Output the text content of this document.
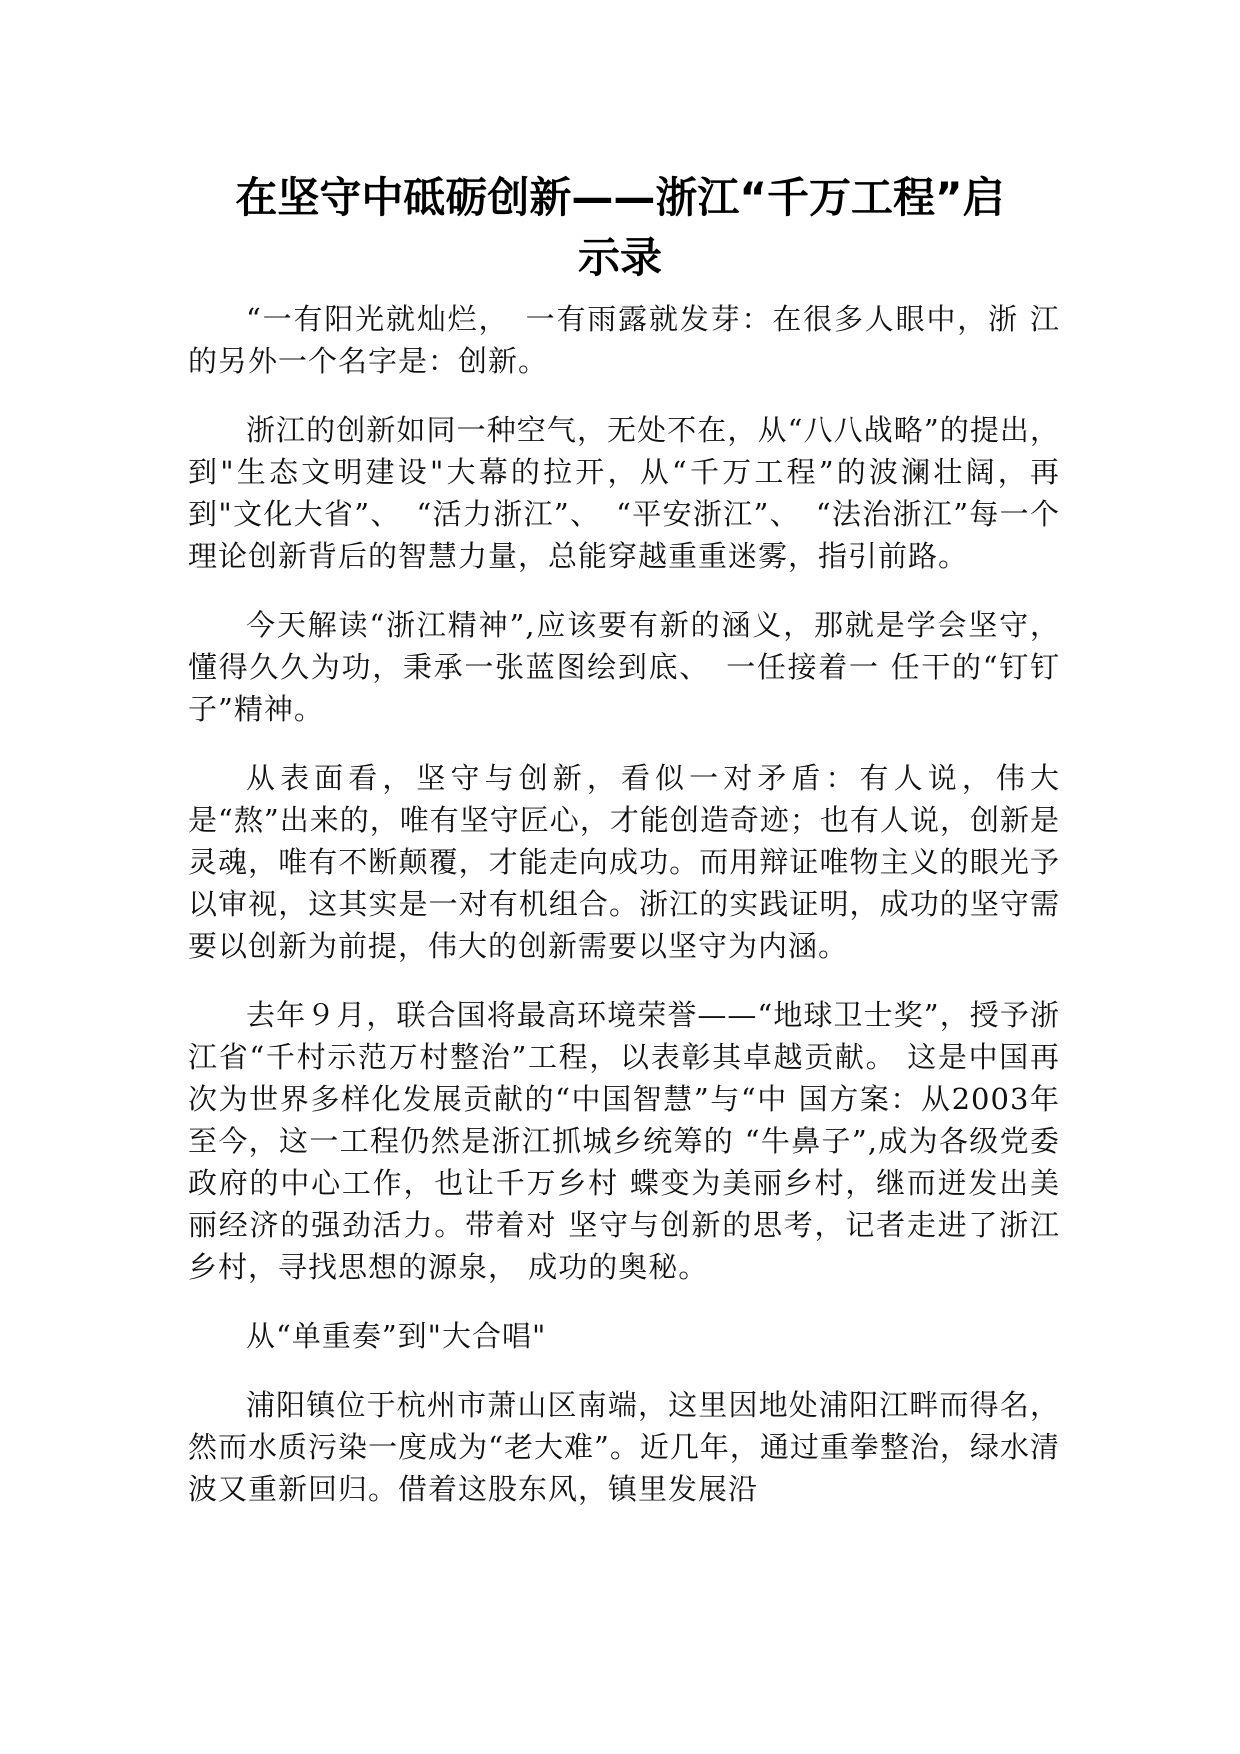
在坚守中砥砺创新——浙江“千万工程”启
示录

“一有阳光就灿烂，　一有雨露就发芽：在很多人眼中，浙 江的另外一个名字是：创新。

浙江的创新如同一种空气，无处不在，从“八八战略”的提出，到"生态文明建设"大幕的拉开，从“千万工程”的波澜壮阔，再到"文化大省”、　“活力浙江”、　“平安浙江”、　“法治浙江”每一个理论创新背后的智慧力量，总能穿越重重迷雾，指引前路。

今天解读“浙江精神”,应该要有新的涵义，那就是学会坚守，懂得久久为功，秉承一张蓝图绘到底、　一任接着一 任干的“钉钉子”精神。

从表面看，坚守与创新，看似一对矛盾：有人说，伟大是“熬”出来的，唯有坚守匠心，才能创造奇迹；也有人说，创新是灵魂，唯有不断颠覆，才能走向成功。而用辩证唯物主义的眼光予以审视，这其实是一对有机组合。浙江的实践证明，成功的坚守需要以创新为前提，伟大的创新需要以坚守为内涵。

去年９月，联合国将最高环境荣誉——“地球卫士奖”，授予浙江省“千村示范万村整治”工程，以表彰其卓越贡献。 这是中国再次为世界多样化发展贡献的“中国智慧”与“中 国方案：从2003年至今，这一工程仍然是浙江抓城乡统筹的 “牛鼻子”,成为各级党委政府的中心工作，也让千万乡村 蝶变为美丽乡村，继而迸发出美丽经济的强劲活力。带着对 坚守与创新的思考，记者走进了浙江乡村，寻找思想的源泉， 成功的奥秘。

从“单重奏”到"大合唱"

浦阳镇位于杭州市萧山区南端，这里因地处浦阳江畔而得名，然而水质污染一度成为“老大难”。近几年，通过重拳整治，绿水清波又重新回归。借着这股东风，镇里发展沿
